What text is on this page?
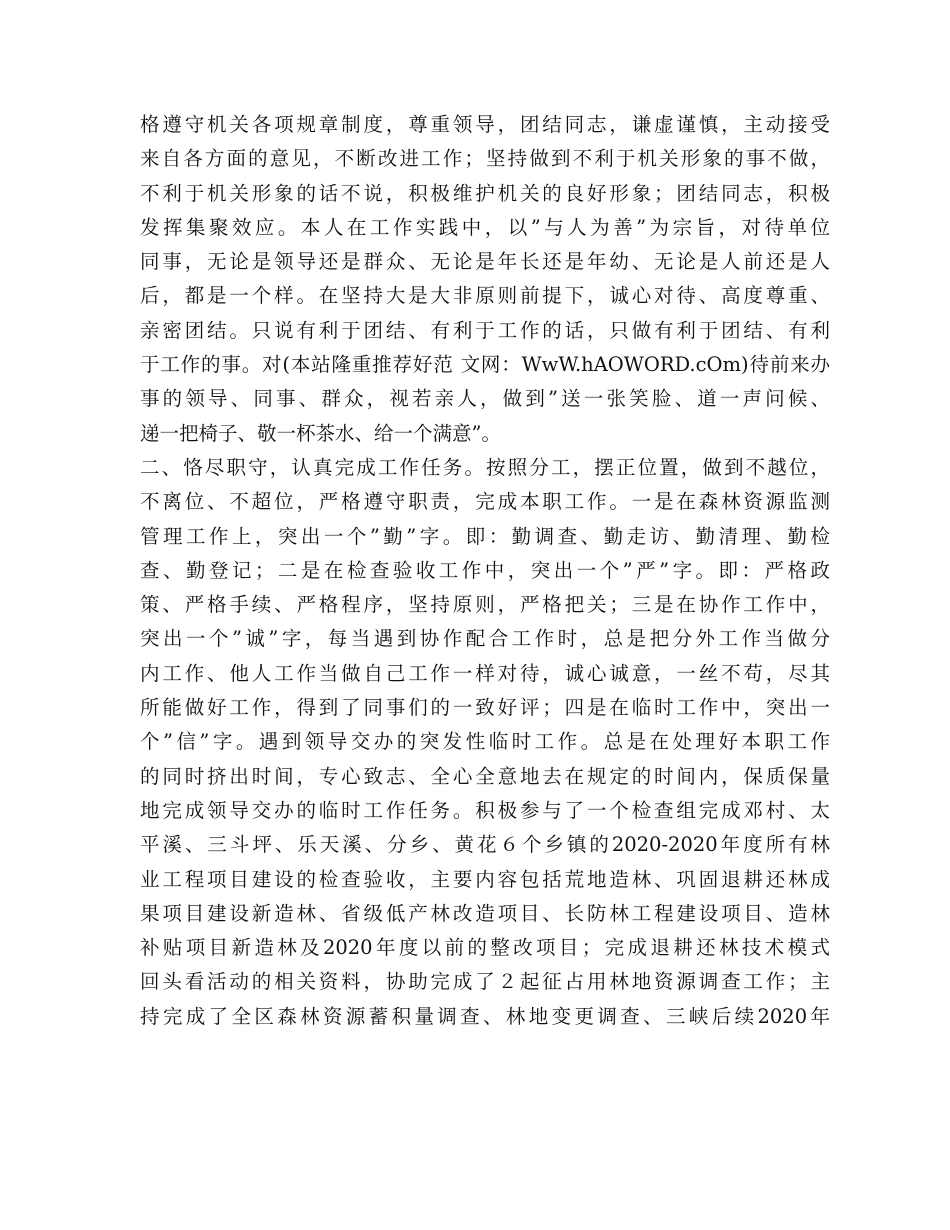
格遵守机关各项规章制度，尊重领导，团结同志，谦虚谨慎，主动接受
来自各方面的意见，不断改进工作；坚持做到不利于机关形象的事不做，
不利于机关形象的话不说，积极维护机关的良好形象；团结同志，积极
发挥集聚效应。本人在工作实践中，以”与人为善”为宗旨，对待单位
同事，无论是领导还是群众、无论是年长还是年幼、无论是人前还是人
后，都是一个样。在坚持大是大非原则前提下，诚心对待、高度尊重、
亲密团结。只说有利于团结、有利于工作的话，只做有利于团结、有利
于工作的事。对(本站隆重推荐好范 文网：WwW.hAOWORD.cOm)待前来办
事的领导、同事、群众，视若亲人，做到”送一张笑脸、道一声问候、
递一把椅子、敬一杯茶水、给一个满意”。
二、恪尽职守，认真完成工作任务。按照分工，摆正位置，做到不越位，
不离位、不超位，严格遵守职责，完成本职工作。一是在森林资源监测
管理工作上，突出一个”勤”字。即：勤调查、勤走访、勤清理、勤检
查、勤登记；二是在检查验收工作中，突出一个”严”字。即：严格政
策、严格手续、严格程序，坚持原则，严格把关；三是在协作工作中，
突出一个”诚”字，每当遇到协作配合工作时，总是把分外工作当做分
内工作、他人工作当做自己工作一样对待，诚心诚意，一丝不苟，尽其
所能做好工作，得到了同事们的一致好评；四是在临时工作中，突出一
个”信”字。遇到领导交办的突发性临时工作。总是在处理好本职工作
的同时挤出时间，专心致志、全心全意地去在规定的时间内，保质保量
地完成领导交办的临时工作任务。积极参与了一个检查组完成邓村、太
平溪、三斗坪、乐天溪、分乡、黄花６个乡镇的2020-2020年度所有林
业工程项目建设的检查验收，主要内容包括荒地造林、巩固退耕还林成
果项目建设新造林、省级低产林改造项目、长防林工程建设项目、造林
补贴项目新造林及2020年度以前的整改项目；完成退耕还林技术模式
回头看活动的相关资料，协助完成了２起征占用林地资源调查工作；主
持完成了全区森林资源蓄积量调查、林地变更调查、三峡后续2020年
